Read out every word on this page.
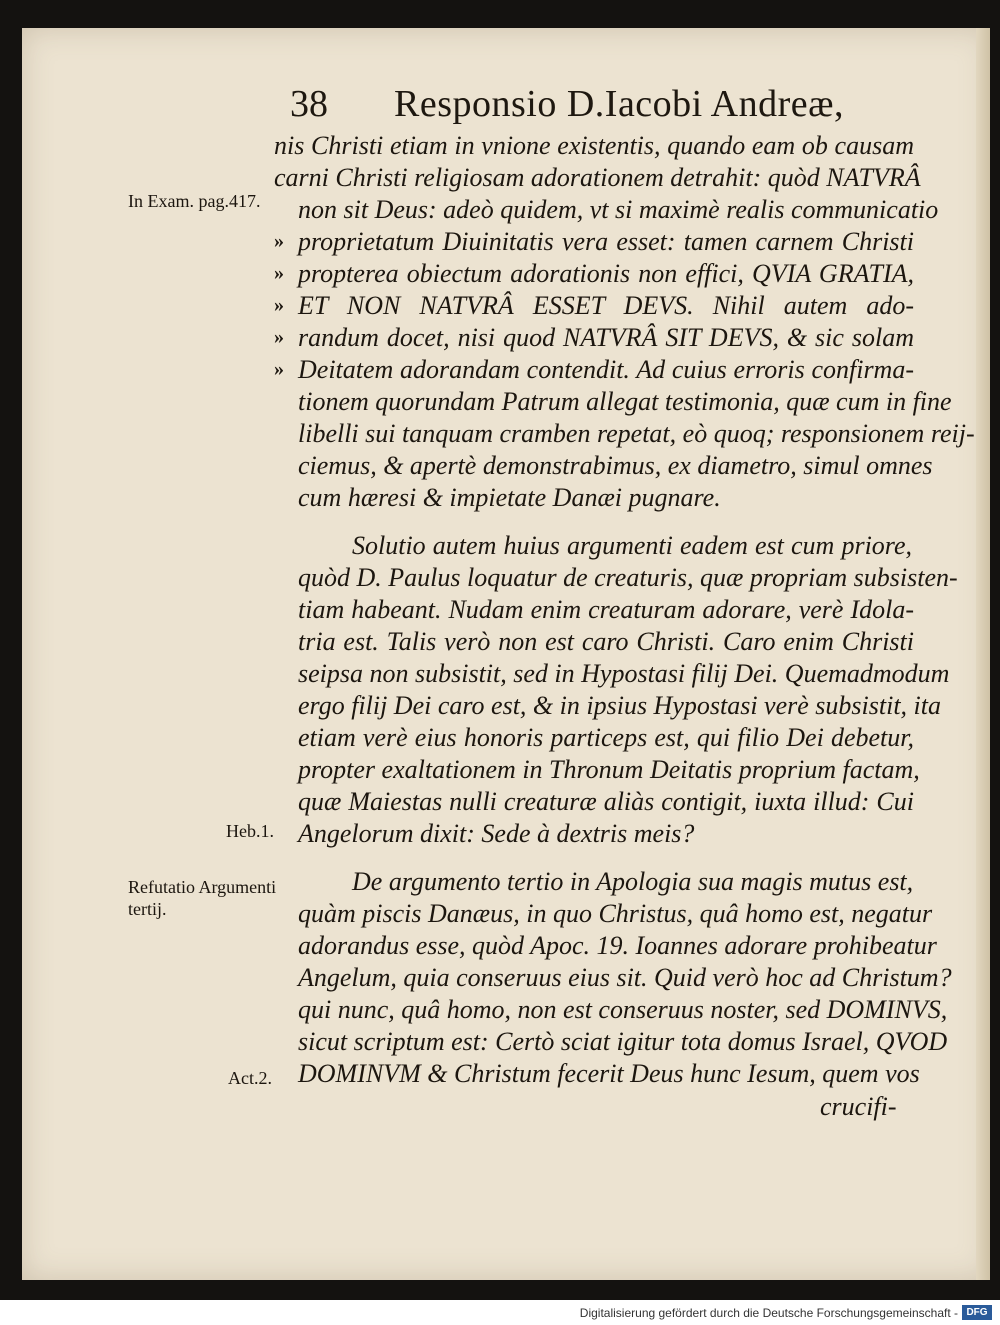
38 Responsio D.Iacobi Andreæ,
In Exam. pag.417.
Heb.1.
Refutatio Argumenti tertij.
Act.2.
»
»
»
»
»
nis Christi etiam in vnione existentis, quando eam ob causam
carni Christi religiosam adorationem detrahit: quòd NATVRÂ
non sit Deus: adeò quidem, vt si maximè realis communicatio
proprietatum Diuinitatis vera esset: tamen carnem Christi
propterea obiectum adorationis non effici, QVIA GRATIA,
ET NON NATVRÂ ESSET DEVS. Nihil autem ado-
randum docet, nisi quod NATVRÂ SIT DEVS, & sic solam
Deitatem adorandam contendit. Ad cuius erroris confirma-
tionem quorundam Patrum allegat testimonia, quæ cum in fine
libelli sui tanquam cramben repetat, eò quoq; responsionem reij-
ciemus, & apertè demonstrabimus, ex diametro, simul omnes
cum hæresi & impietate Danæi pugnare.
Solutio autem huius argumenti eadem est cum priore,
quòd D. Paulus loquatur de creaturis, quæ propriam subsisten-
tiam habeant. Nudam enim creaturam adorare, verè Idola-
tria est. Talis verò non est caro Christi. Caro enim Christi
seipsa non subsistit, sed in Hypostasi filij Dei. Quemadmodum
ergo filij Dei caro est, & in ipsius Hypostasi verè subsistit, ita
etiam verè eius honoris particeps est, qui filio Dei debetur,
propter exaltationem in Thronum Deitatis proprium factam,
quæ Maiestas nulli creaturæ aliàs contigit, iuxta illud: Cui
Angelorum dixit: Sede à dextris meis?
De argumento tertio in Apologia sua magis mutus est,
quàm piscis Danæus, in quo Christus, quâ homo est, negatur
adorandus esse, quòd Apoc. 19. Ioannes adorare prohibeatur
Angelum, quia conseruus eius sit. Quid verò hoc ad Christum?
qui nunc, quâ homo, non est conseruus noster, sed DOMINVS,
sicut scriptum est: Certò sciat igitur tota domus Israel, QVOD
DOMINVM & Christum fecerit Deus hunc Iesum, quem vos
crucifi-
Digitalisierung gefördert durch die Deutsche Forschungsgemeinschaft - DFG
